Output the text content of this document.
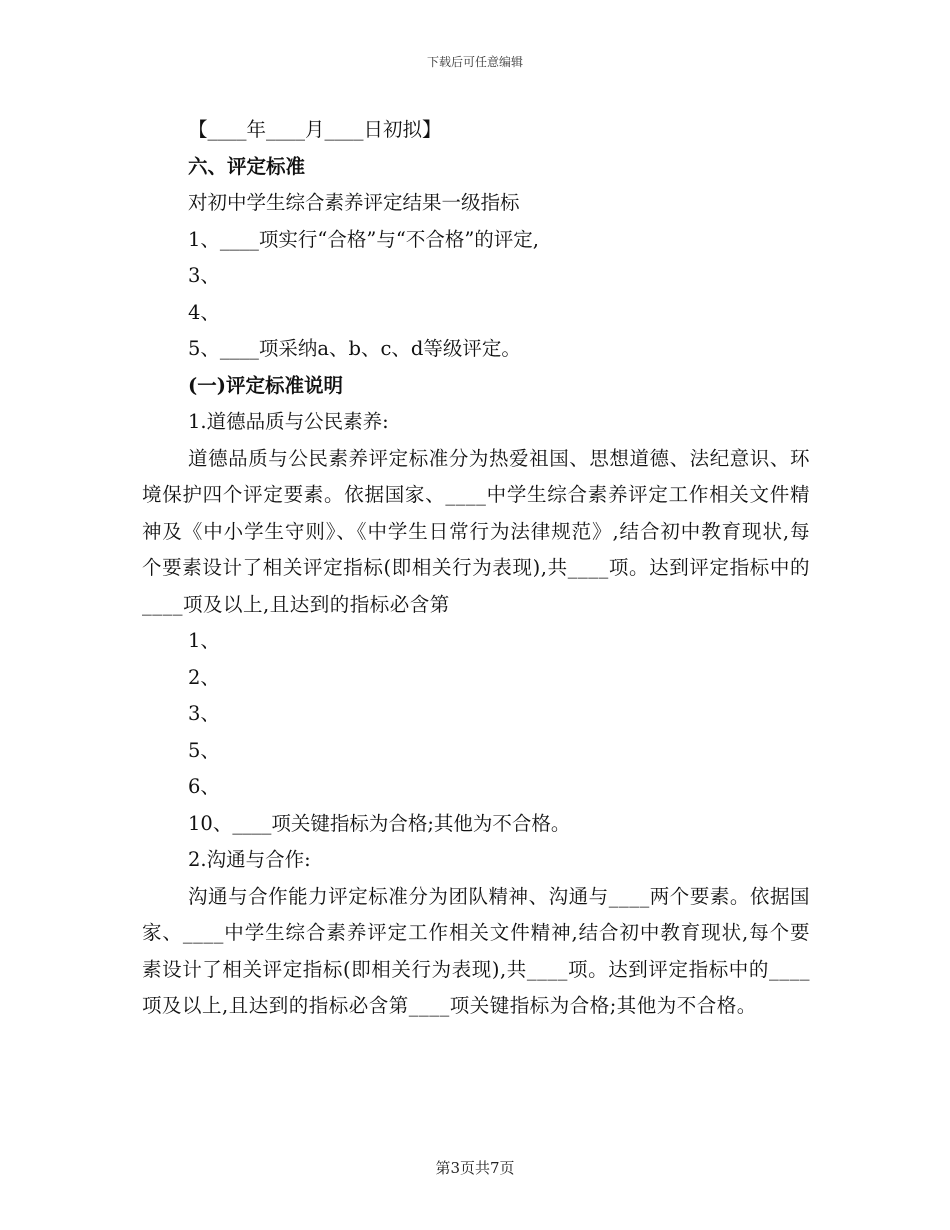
下载后可任意编辑
【____年____月____日初拟】
六、评定标准
对初中学生综合素养评定结果一级指标
1、____项实行“合格”与“不合格”的评定,
3、
4、
5、____项采纳a、b、c、d等级评定。
(一)评定标准说明
1.道德品质与公民素养:
道德品质与公民素养评定标准分为热爱祖国、思想道德、法纪意识、环境保护四个评定要素。依据国家、____中学生综合素养评定工作相关文件精神及《中小学生守则》、《中学生日常行为法律规范》,结合初中教育现状,每个要素设计了相关评定指标(即相关行为表现),共____项。达到评定指标中的____项及以上,且达到的指标必含第
1、
2、
3、
5、
6、
10、____项关键指标为合格;其他为不合格。
2.沟通与合作:
沟通与合作能力评定标准分为团队精神、沟通与____两个要素。依据国家、____中学生综合素养评定工作相关文件精神,结合初中教育现状,每个要素设计了相关评定指标(即相关行为表现),共____项。达到评定指标中的____项及以上,且达到的指标必含第____项关键指标为合格;其他为不合格。
第3页共7页
